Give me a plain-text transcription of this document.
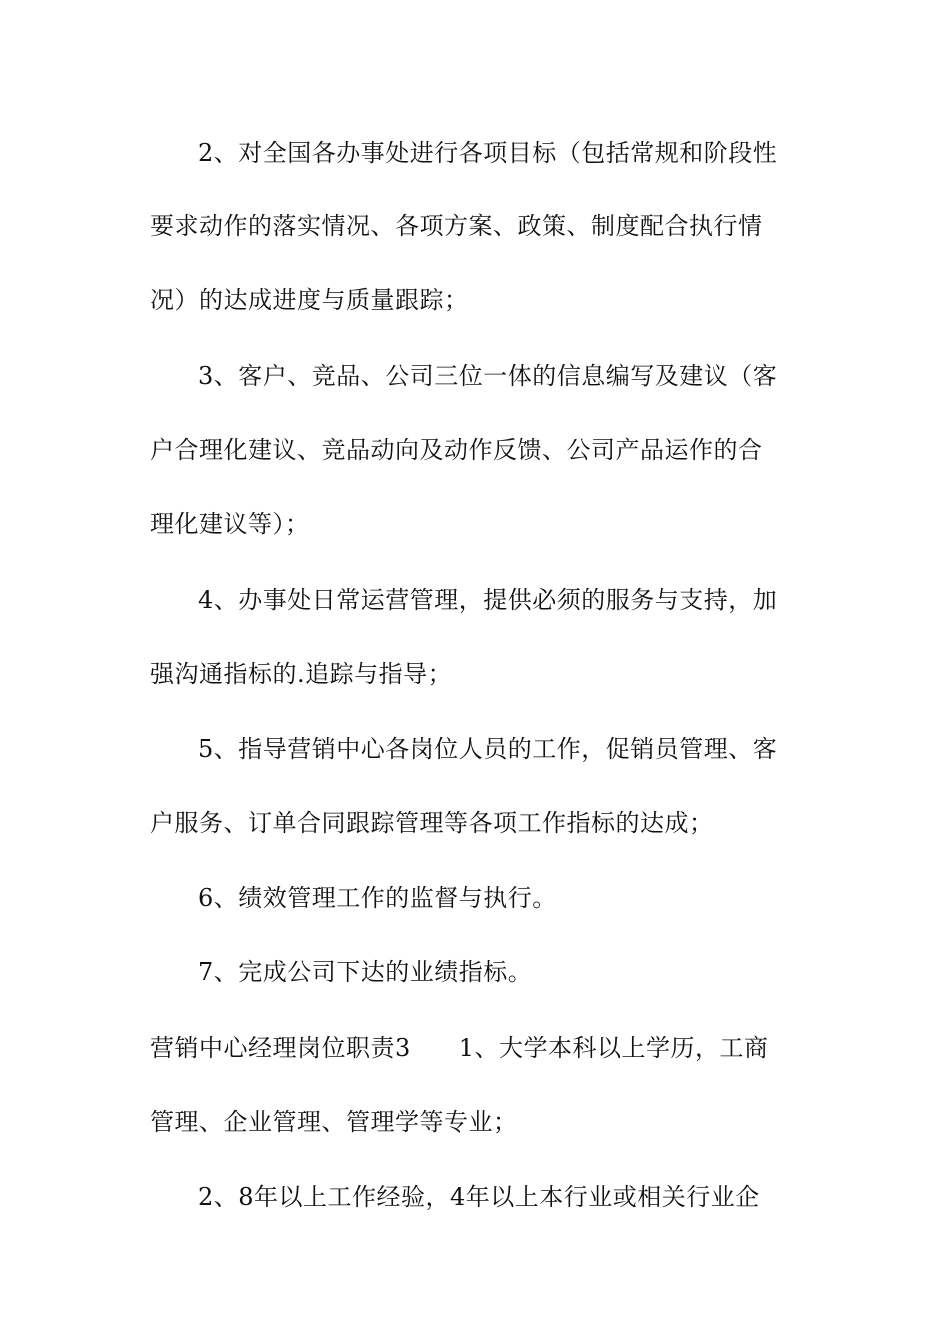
2、对全国各办事处进行各项目标（包括常规和阶段性
要求动作的落实情况、各项方案、政策、制度配合执行情
况）的达成进度与质量跟踪；
3、客户、竞品、公司三位一体的信息编写及建议（客
户合理化建议、竞品动向及动作反馈、公司产品运作的合
理化建议等）；
4、办事处日常运营管理，提供必须的服务与支持，加
强沟通指标的.追踪与指导；
5、指导营销中心各岗位人员的工作，促销员管理、客
户服务、订单合同跟踪管理等各项工作指标的达成；
6、绩效管理工作的监督与执行。
7、完成公司下达的业绩指标。
营销中心经理岗位职责3 1、大学本科以上学历，工商
管理、企业管理、管理学等专业；
2、8年以上工作经验，4年以上本行业或相关行业企
